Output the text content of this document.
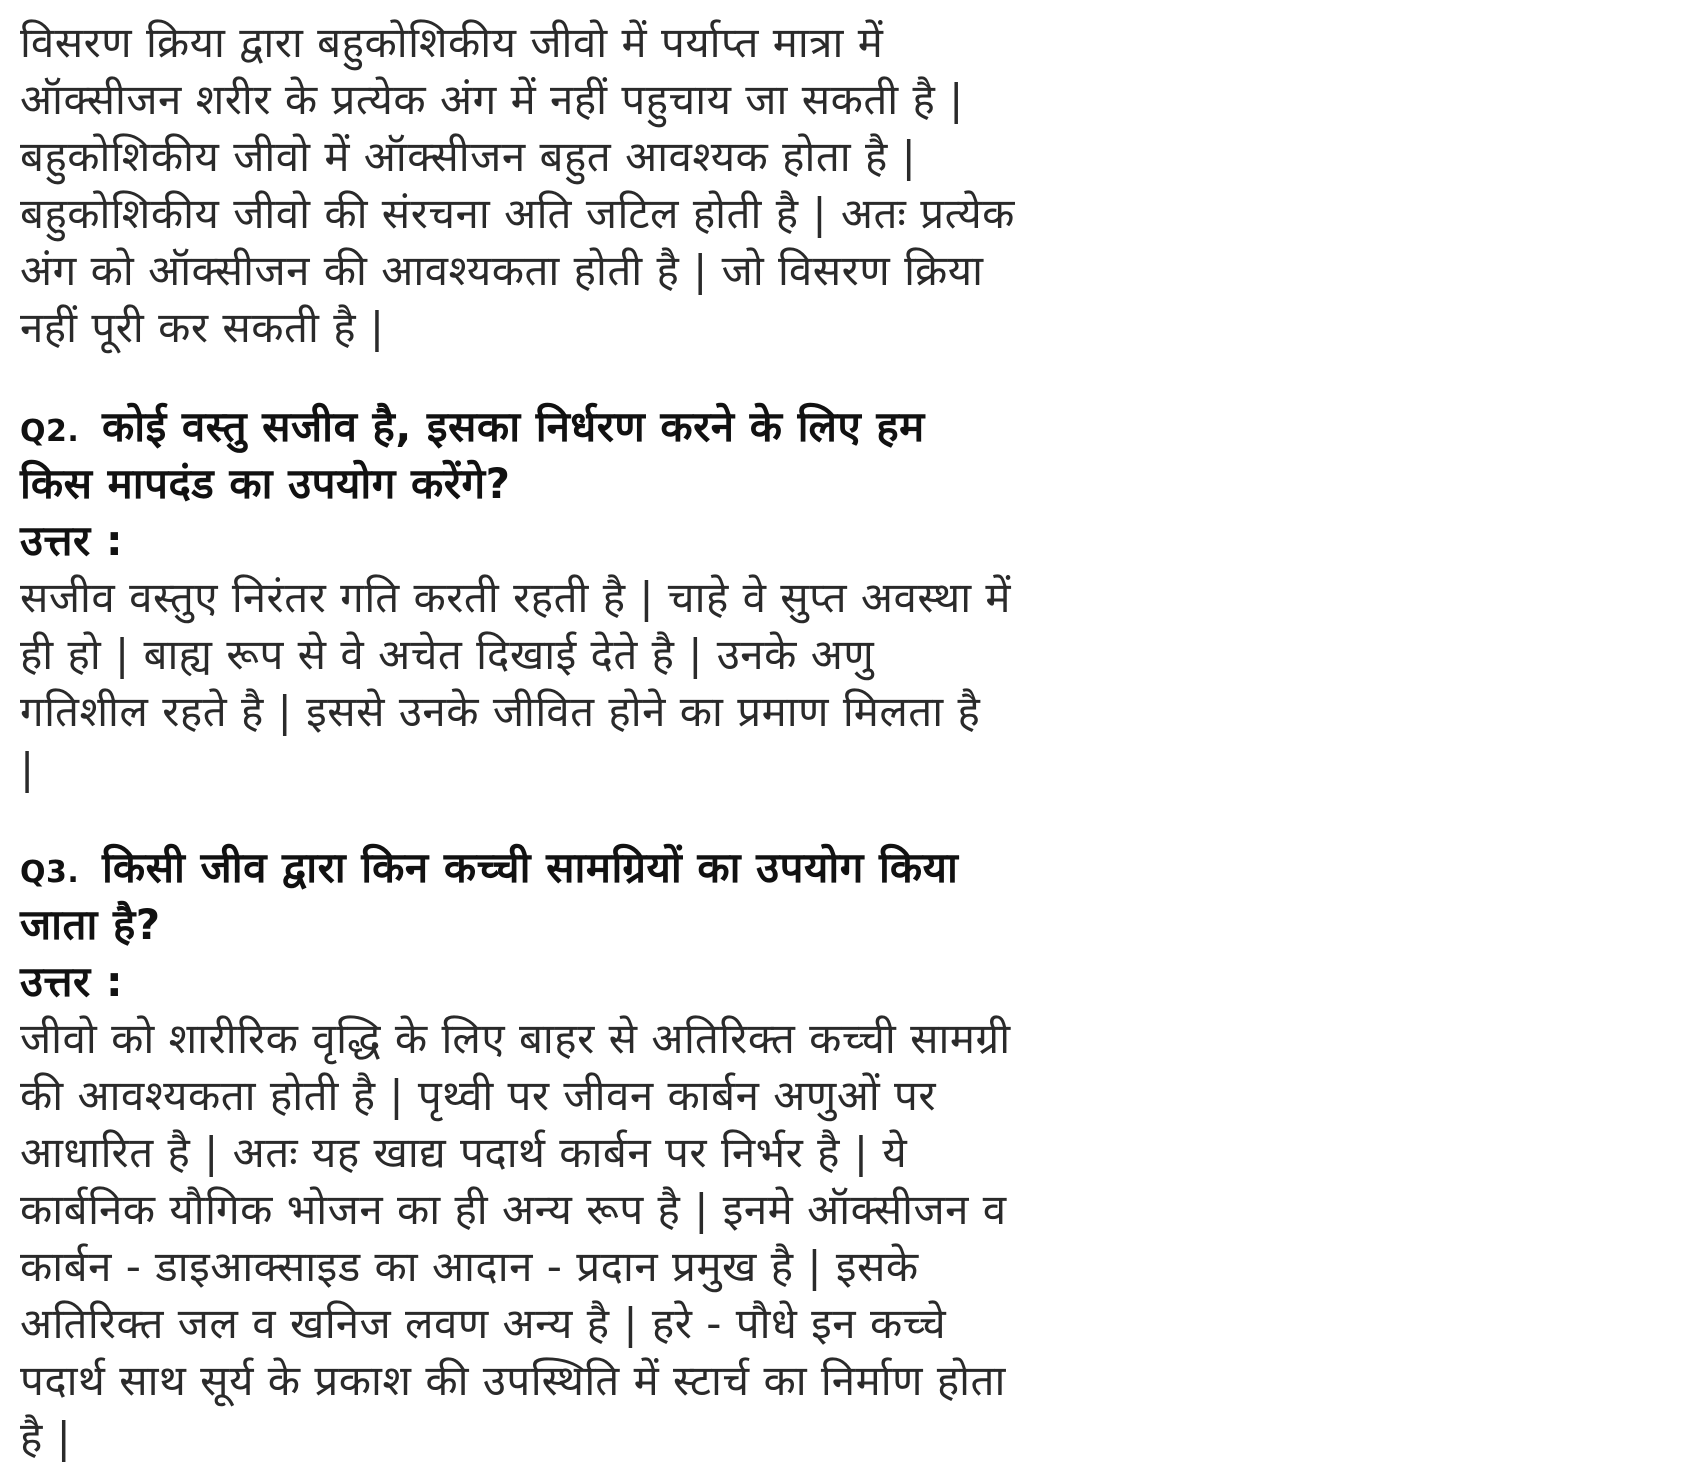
विसरण क्रिया द्वारा बहुकोशिकीय जीवो में पर्याप्त मात्रा में
ऑक्सीजन शरीर के प्रत्येक अंग में नहीं पहुचाय जा सकती है |
बहुकोशिकीय जीवो में ऑक्सीजन बहुत आवश्यक होता है |
बहुकोशिकीय जीवो की संरचना अति जटिल होती है | अतः प्रत्येक
अंग को ऑक्सीजन की आवश्यकता होती है | जो विसरण क्रिया
नहीं पूरी कर सकती है |
Q2. कोई वस्तु सजीव है, इसका निर्धरण करने के लिए हम
किस मापदंड का उपयोग करेंगे?
उत्तर :
सजीव वस्तुए निरंतर गति करती रहती है | चाहे वे सुप्त अवस्था में
ही हो | बाह्य रूप से वे अचेत दिखाई देते है | उनके अणु
गतिशील रहते है | इससे उनके जीवित होने का प्रमाण मिलता है
|
Q3. किसी जीव द्वारा किन कच्ची सामग्रियों का उपयोग किया
जाता है?
उत्तर :
जीवो को शारीरिक वृद्धि के लिए बाहर से अतिरिक्त कच्ची सामग्री
की आवश्यकता होती है | पृथ्वी पर जीवन कार्बन अणुओं पर
आधारित है | अतः यह खाद्य पदार्थ कार्बन पर निर्भर है | ये
कार्बनिक यौगिक भोजन का ही अन्य रूप है | इनमे ऑक्सीजन व
कार्बन - डाइआक्साइड का आदान - प्रदान प्रमुख है | इसके
अतिरिक्त जल व खनिज लवण अन्य है | हरे - पौधे इन कच्चे
पदार्थ साथ सूर्य के प्रकाश की उपस्थिति में स्टार्च का निर्माण होता
है |
